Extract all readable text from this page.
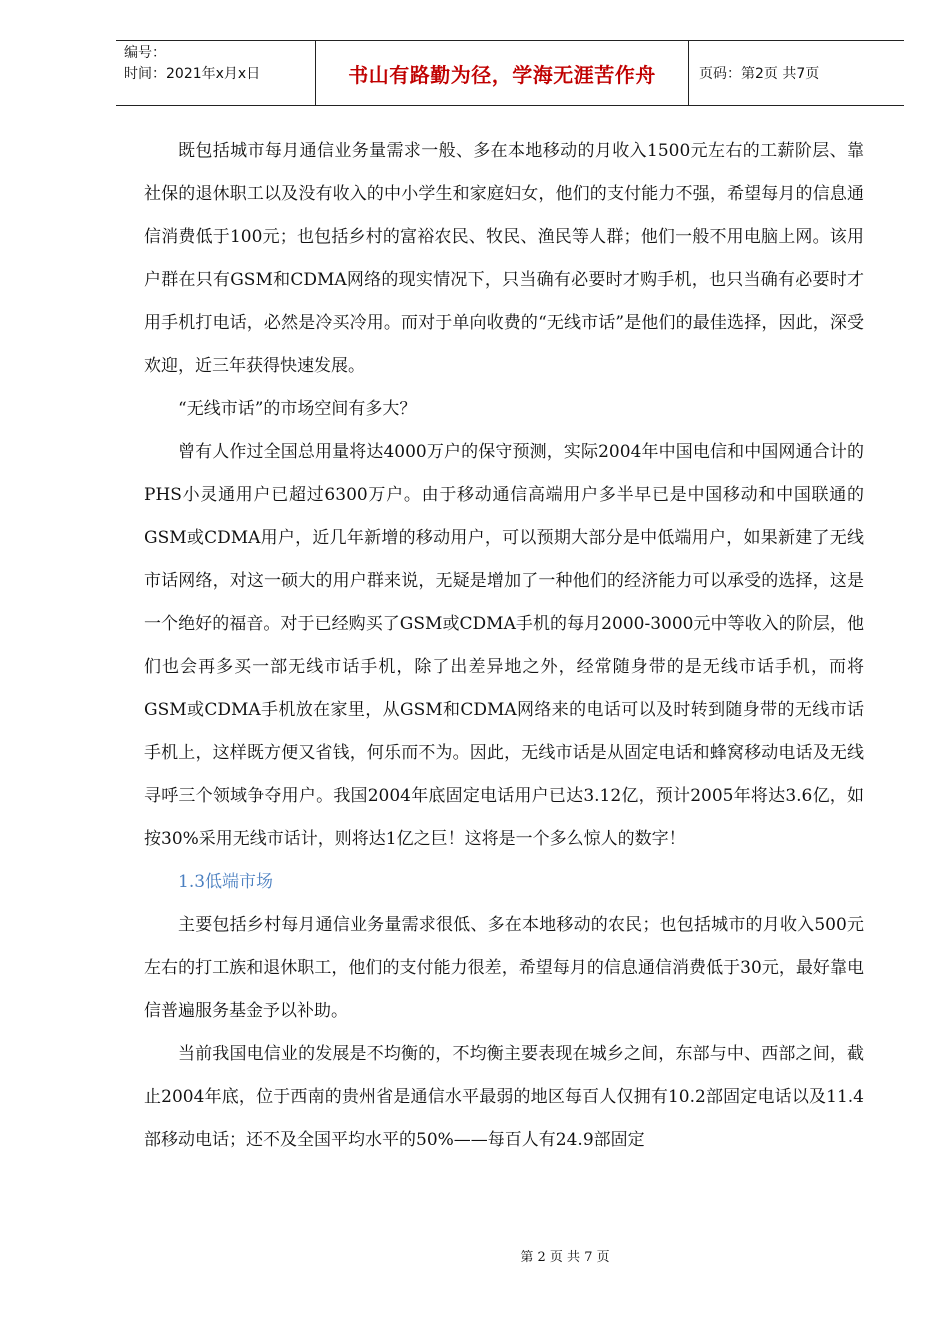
编号：
时间：2021年x月x日	书山有路勤为径，学海无涯苦作舟	页码：第2页 共7页

既包括城市每月通信业务量需求一般、多在本地移动的月收入1500元左右的工薪阶层、靠社保的退休职工以及没有收入的中小学生和家庭妇女，他们的支付能力不强，希望每月的信息通信消费低于100元；也包括乡村的富裕农民、牧民、渔民等人群；他们一般不用电脑上网。该用户群在只有GSM和CDMA网络的现实情况下，只当确有必要时才购手机，也只当确有必要时才用手机打电话，必然是冷买冷用。而对于单向收费的“无线市话”是他们的最佳选择，因此，深受欢迎，近三年获得快速发展。

“无线市话”的市场空间有多大？

曾有人作过全国总用量将达4000万户的保守预测，实际2004年中国电信和中国网通合计的PHS小灵通用户已超过6300万户。由于移动通信高端用户多半早已是中国移动和中国联通的GSM或CDMA用户，近几年新增的移动用户，可以预期大部分是中低端用户，如果新建了无线市话网络，对这一硕大的用户群来说，无疑是增加了一种他们的经济能力可以承受的选择，这是一个绝好的福音。对于已经购买了GSM或CDMA手机的每月2000-3000元中等收入的阶层，他们也会再多买一部无线市话手机，除了出差异地之外，经常随身带的是无线市话手机，而将GSM或CDMA手机放在家里，从GSM和CDMA网络来的电话可以及时转到随身带的无线市话手机上，这样既方便又省钱，何乐而不为。因此，无线市话是从固定电话和蜂窝移动电话及无线寻呼三个领域争夺用户。我国2004年底固定电话用户已达3.12亿，预计2005年将达3.6亿，如按30%采用无线市话计，则将达1亿之巨！这将是一个多么惊人的数字！

1.3低端市场

主要包括乡村每月通信业务量需求很低、多在本地移动的农民；也包括城市的月收入500元左右的打工族和退休职工，他们的支付能力很差，希望每月的信息通信消费低于30元，最好靠电信普遍服务基金予以补助。

当前我国电信业的发展是不均衡的，不均衡主要表现在城乡之间，东部与中、西部之间，截止2004年底，位于西南的贵州省是通信水平最弱的地区每百人仅拥有10.2部固定电话以及11.4部移动电话；还不及全国平均水平的50%——每百人有24.9部固定

第 2 页 共 7 页
